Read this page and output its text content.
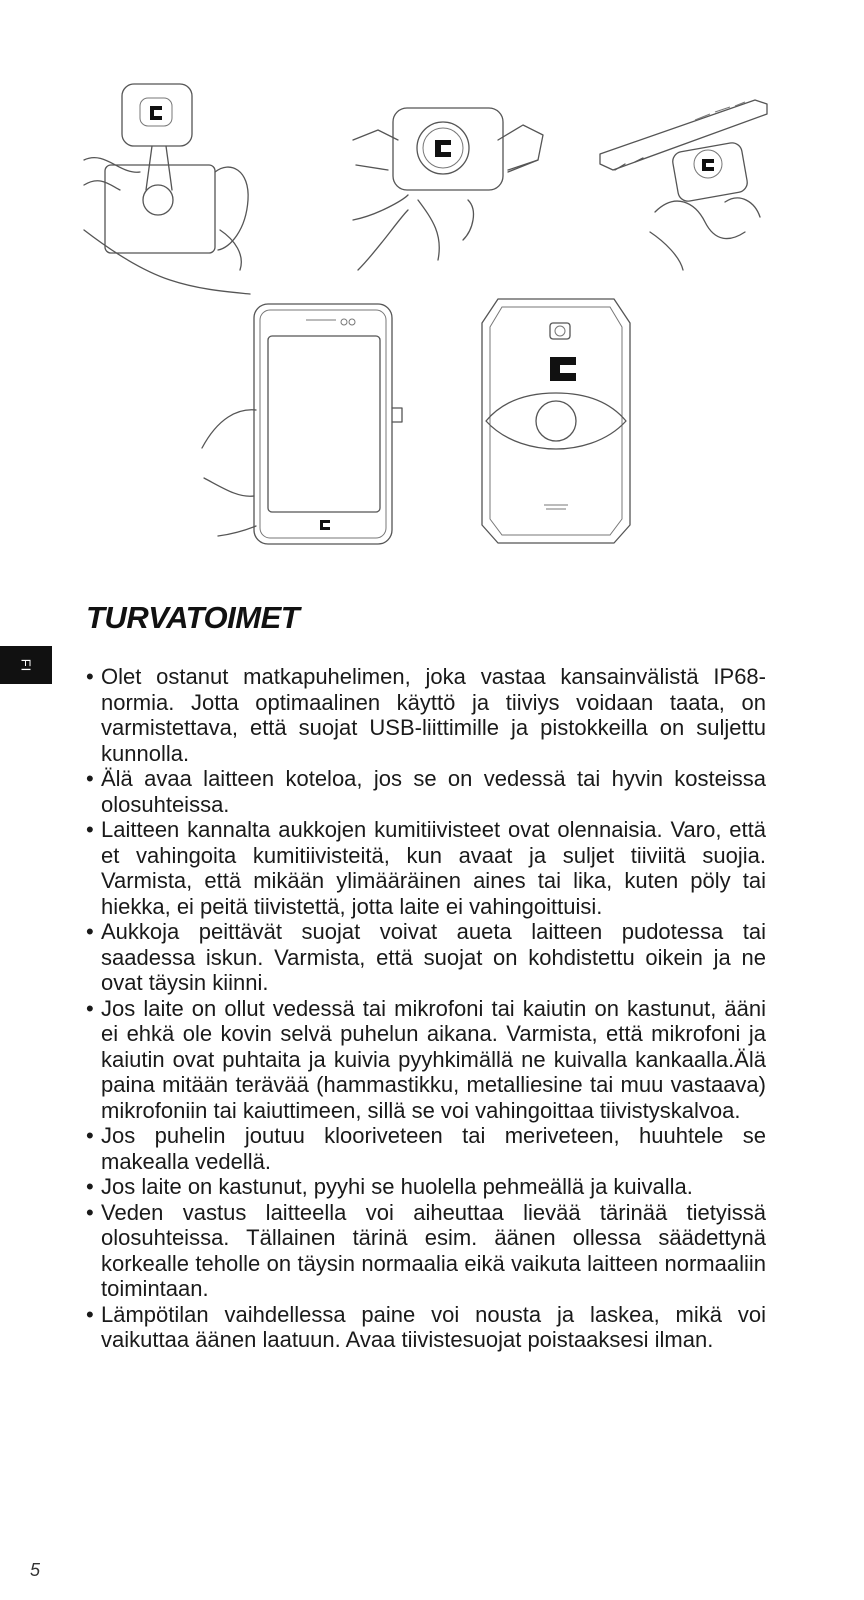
FI
TURVATOIMET
• Olet ostanut matkapuhelimen, joka vastaa kansainvälistä IP68-normia. Jotta optimaalinen käyttö ja tiiviys voidaan taata, on varmistettava, että suojat USB-liittimille ja pistokkeilla on suljettu kunnolla.
• Älä avaa laitteen koteloa, jos se on vedessä tai hyvin kosteissa olosuhteissa.
• Laitteen kannalta aukkojen kumitiivisteet ovat olennaisia. Varo, että et vahingoita kumitiivisteitä, kun avaat ja suljet tiiviitä suojia. Varmista, että mikään ylimääräinen aines tai lika, kuten pöly tai hiekka, ei peitä tiivistettä, jotta laite ei vahingoittuisi.
• Aukkoja peittävät suojat voivat aueta laitteen pudotessa tai saadessa iskun. Varmista, että suojat on kohdistettu oikein ja ne ovat täysin kiinni.
• Jos laite on ollut vedessä tai mikrofoni tai kaiutin on kastunut, ääni ei ehkä ole kovin selvä puhelun aikana. Varmista, että mikrofoni ja kaiutin ovat puhtaita ja kuivia pyyhkimällä ne kuivalla kankaalla.Älä paina mitään terävää (hammastikku, metalliesine tai muu vastaava) mikrofoniin tai kaiuttimeen, sillä se voi vahingoittaa tiivistyskalvoa.
• Jos puhelin joutuu klooriveteen tai meriveteen, huuhtele se makealla vedellä.
• Jos laite on kastunut, pyyhi se huolella pehmeällä ja kuivalla.
• Veden vastus laitteella voi aiheuttaa lievää tärinää tietyissä olosuhteissa. Tällainen tärinä esim. äänen ollessa säädettynä korkealle teholle on täysin normaalia eikä vaikuta laitteen normaaliin toimintaan.
• Lämpötilan vaihdellessa paine voi nousta ja laskea, mikä voi vaikuttaa äänen laatuun. Avaa tiivistesuojat poistaaksesi ilman.
5
